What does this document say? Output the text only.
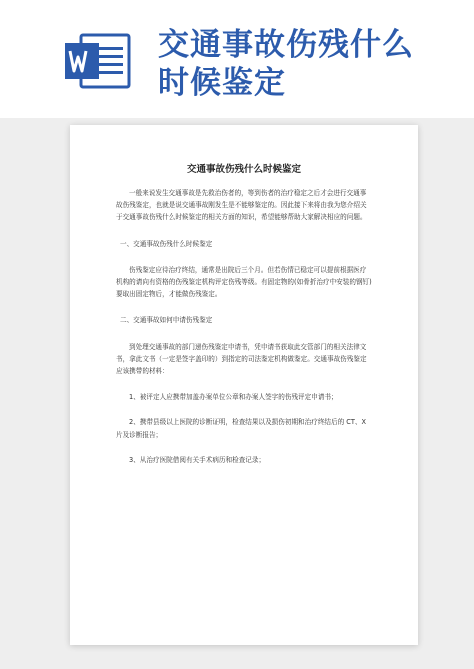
交通事故伤残什么
时候鉴定
交通事故伤残什么时候鉴定

一般来说发生交通事故是先救治伤者的，等到伤者的治疗稳定之后才会进行交通事故伤残鉴定，也就是说交通事故刚发生是不能够鉴定的。因此接下来将由我为您介绍关于交通事故伤残什么时候鉴定的相关方面的知识，希望能够帮助大家解决相应的问题。

一、交通事故伤残什么时候鉴定

伤残鉴定应待治疗终结，通常是出院后三个月。但若伤情已稳定可以提前根据医疗机构的请向有资格的伤残鉴定机构评定伤残等级。有固定物的(如骨折治疗中安装的钢钉)要取出固定物后，才能做伤残鉴定。

二、交通事故如何申请伤残鉴定

到处理交通事故的部门递伤残鉴定申请书，凭申请书获取此交管部门的相关法律文书，拿此文书（一定是签字盖印的）到指定的司法鉴定机构做鉴定。交通事故伤残鉴定应该携带的材料：

1、被评定人应携带加盖办案单位公章和办案人签字的伤残评定申请书；

2、携带县级以上医院的诊断证明，检查结果以及损伤初期和治疗终结后的 CT、X 片及诊断报告；

3、从治疗医院借阅有关手术病历和检查记录；
